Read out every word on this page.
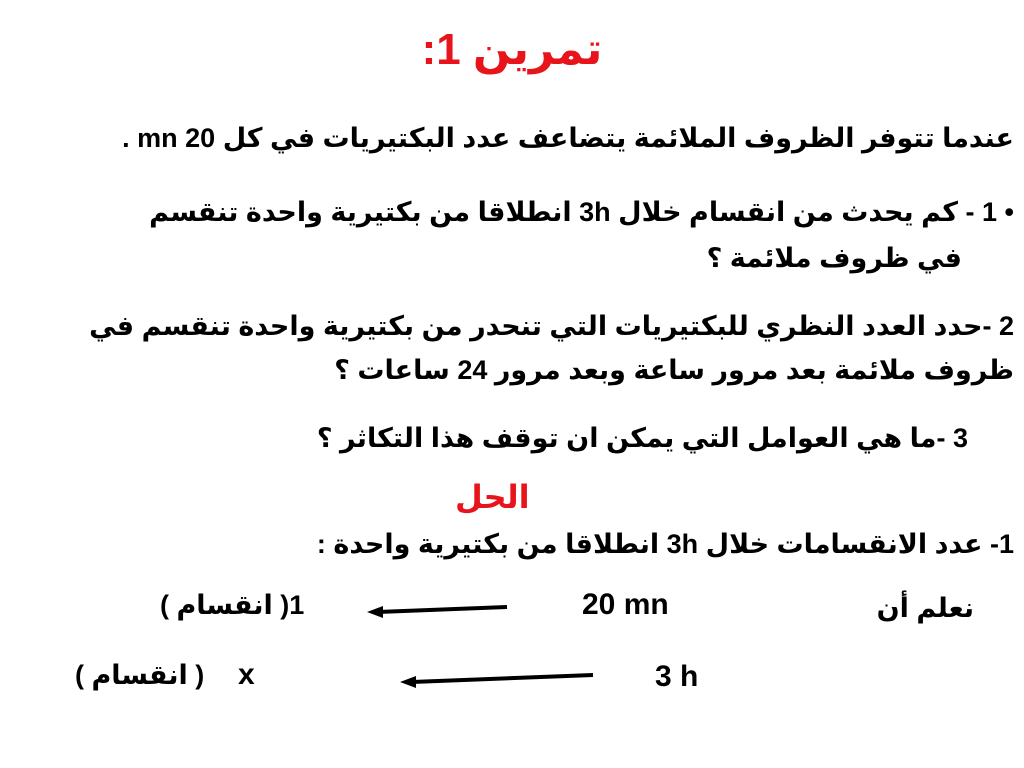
تمرين 1:
عندما تتوفر الظروف الملائمة يتضاعف عدد البكتيريات في كل 20 mn .
• 1 - كم يحدث من انقسام خلال 3h انطلاقا من بكتيرية واحدة تنقسم
في ظروف ملائمة ؟
2 -حدد العدد النظري للبكتيريات التي تنحدر من بكتيرية واحدة تنقسم في
ظروف ملائمة بعد مرور ساعة وبعد مرور 24 ساعات ؟
3 -ما هي العوامل التي يمكن ان توقف هذا التكاثر ؟
الحل
1- عدد الانقسامات خلال 3h انطلاقا من بكتيرية واحدة :
نعلم أن
20 mn
1( انقسام )
3 h
x
( انقسام )
